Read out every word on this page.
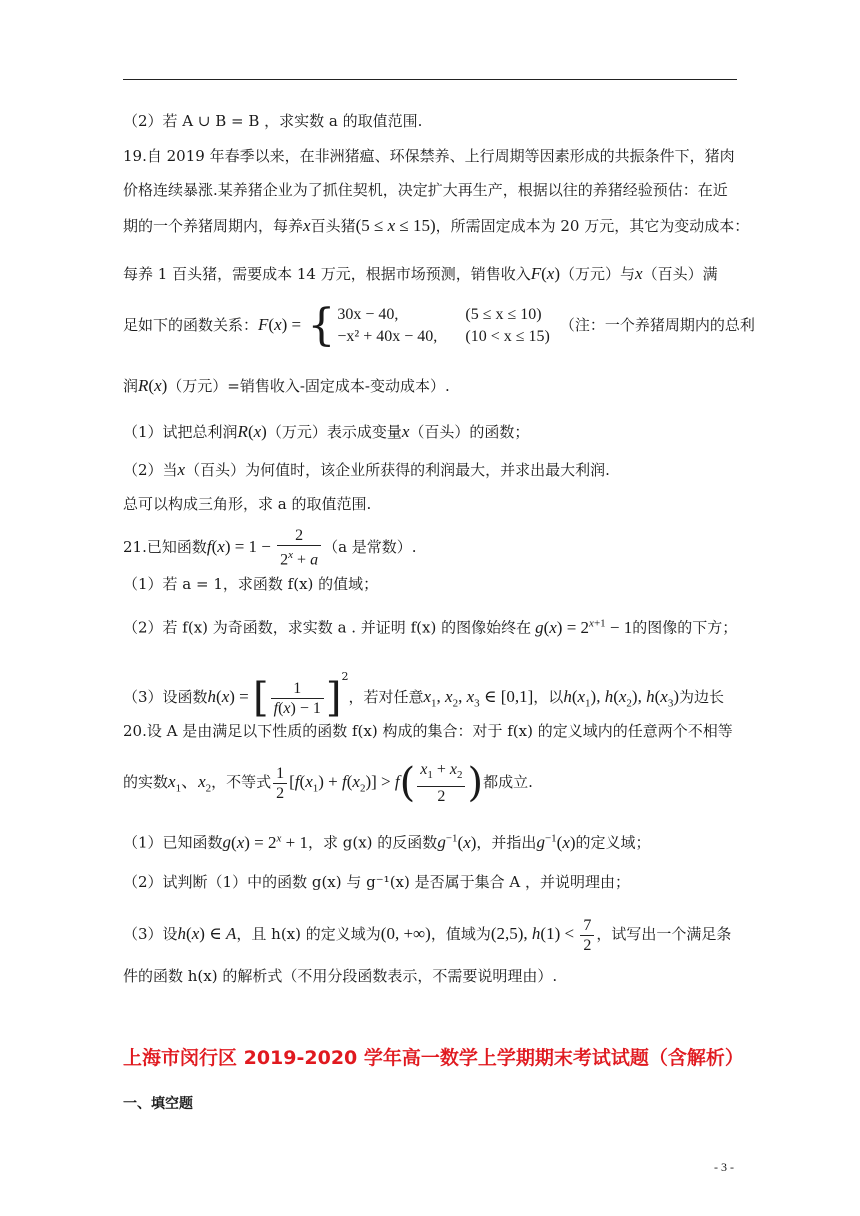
（2）若 A ∪ B = B ，求实数 a 的取值范围.
19.自 2019 年春季以来，在非洲猪瘟、环保禁养、上行周期等因素形成的共振条件下，猪肉
价格连续暴涨.某养猪企业为了抓住契机，决定扩大再生产，根据以往的养猪经验预估：在近
期的一个养猪周期内，每养x百头猪(5 ≤ x ≤ 15)，所需固定成本为 20 万元，其它为变动成本：
每养 1 百头猪，需要成本 14 万元，根据市场预测，销售收入F(x)（万元）与x（百头）满
足如下的函数关系：F(x) = { 30x − 40,	(5 ≤ x ≤ 10)
−x² + 40x − 40, (10 < x ≤ 15)
（注：一个养猪周期内的总利
润R(x)（万元）=销售收入-固定成本-变动成本）.
（1）试把总利润R(x)（万元）表示成变量x（百头）的函数；
（2）当x（百头）为何值时，该企业所获得的利润最大，并求出最大利润.
总可以构成三角形，求 a 的取值范围.
21.已知函数$f(x) = 1 - \frac{2}{2^x + a} (a$ 是常数）.
（1）若 a = 1，求函数 f(x) 的值域；
（2）若 f(x) 为奇函数，求实数 a . 并证明 f(x) 的图像始终在 $g(x) = 2^{x+1} - 1$的图像的下方；
（3）设函数h(x) = [ $\frac{1}{f(x) - 1} ]^2$，若对任意$x_1$, $x_2$, $x_3$ ∈ [0,1]，以$h(x_1)$, $h(x_2)$, $h(x_3)$为边长
20.设 A 是由满足以下性质的函数 f(x) 构成的集合：对于 f(x) 的定义域内的任意两个不相等
的实数$x_1$、$x_2$，不等式 $\frac{1}{2} [f(x_1) + f(x_2)] > f( \frac{x_1 + x_2}{2}$ )都成立.
（1）已知函数$g(x) = 2^x + 1$，求 g(x) 的反函数$g^{-1}(x)$，并指出$g^{-1}(x)$的定义域；
（2）试判断（1）中的函数 g(x) 与 g⁻¹(x) 是否属于集合 A ，并说明理由；
（3）设h(x) ∈ A，且 h(x) 的定义域为(0, +∞)，值域为(2,5), $h(1) < \frac{7}{2}$ ，试写出一个满足条
件的函数 h(x) 的解析式（不用分段函数表示，不需要说明理由）.
上海市闵行区 2019-2020 学年高一数学上学期期末考试试题（含解析）
一、填空题
- 3 -
